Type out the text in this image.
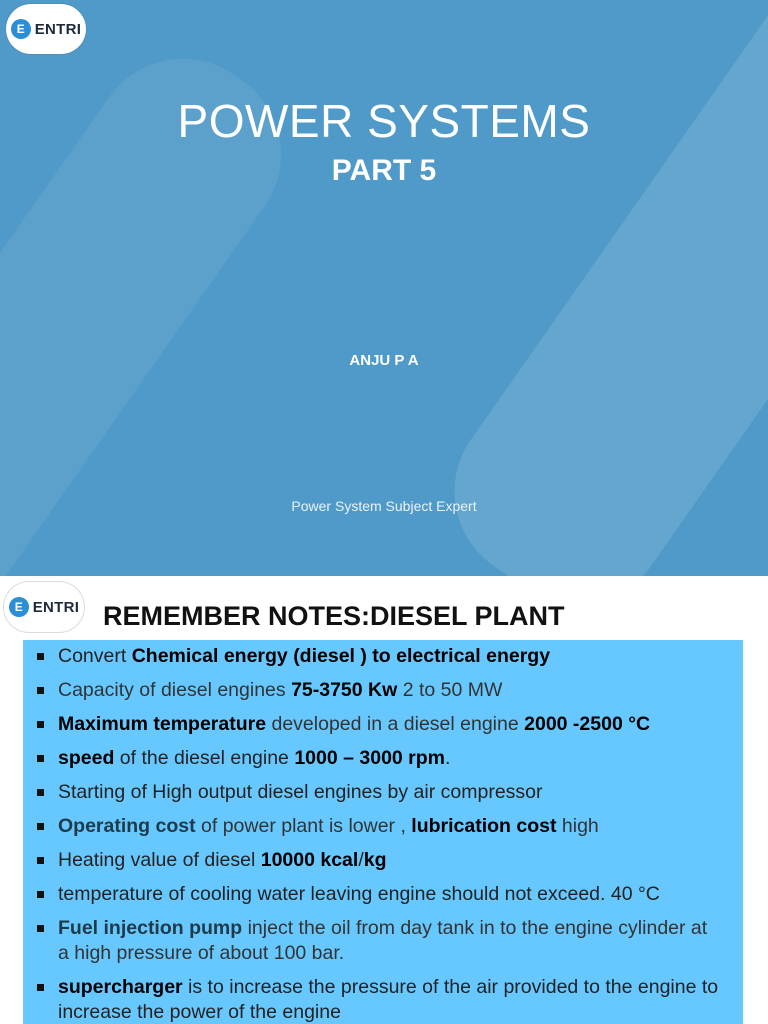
E ENTRI
POWER SYSTEMS
PART 5
ANJU P A
Power System Subject Expert
E ENTRI REMEMBER NOTES:DIESEL PLANT
Convert Chemical energy (diesel ) to electrical energy
Capacity of diesel engines 75-3750 Kw 2 to 50 MW
Maximum temperature developed in a diesel engine 2000 -2500 °C
speed of the diesel engine 1000 – 3000 rpm.
Starting of High output diesel engines by air compressor
Operating cost of power plant is lower , lubrication cost high
Heating value of diesel 10000 kcal/kg
temperature of cooling water leaving engine should not exceed. 40 °C
Fuel injection pump inject the oil from day tank in to the engine cylinder at a high pressure of about 100 bar.
supercharger is to increase the pressure of the air provided to the engine to increase the power of the engine
